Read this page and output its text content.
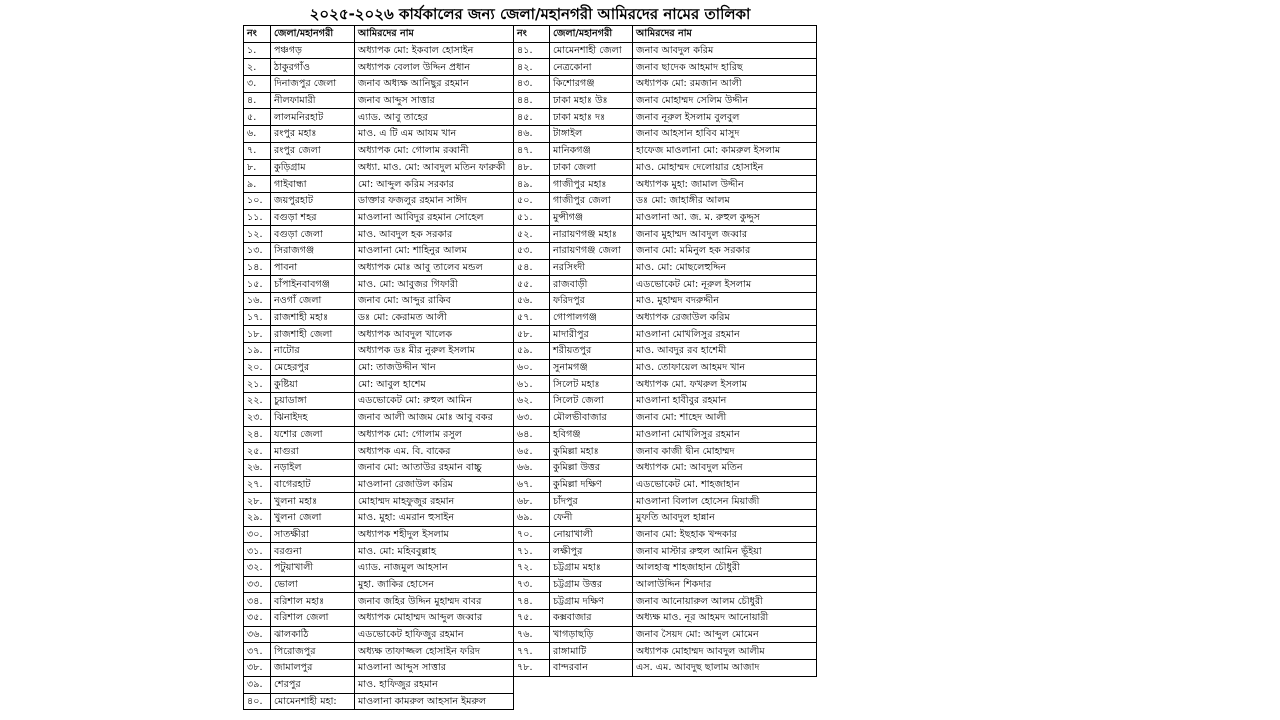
২০২৫-২০২৬ কার্যকালের জন্য জেলা/মহানগরী আমিরদের নামের তালিকা
নং	জেলা/মহানগরী	আমিরদের নাম
১.	পঞ্চগড়	অধ্যাপক মো: ইকবাল হোসাইন
২.	ঠাকুরগাঁও	অধ্যাপক বেলাল উদ্দিন প্রধান
৩.	দিনাজপুর জেলা	জনাব অধ্যক্ষ আনিছুর রহমান
৪.	নীলফামারী	জনাব আব্দুস সাত্তার
৫.	লালমনিরহাট	এ্যাড. আবু তাহের
৬.	রংপুর মহাঃ	মাও. এ টি এম আযম খান
৭.	রংপুর জেলা	অধ্যাপক মো: গোলাম রব্বানী
৮.	কুড়িগ্রাম	অধ্যা. মাও. মো: আবদুল মতিন ফারুকী
৯.	গাইবান্ধা	মো: আব্দুল করিম সরকার
১০.	জয়পুরহাট	ডাক্তার ফজলুর রহমান সাঈদ
১১.	বগুড়া শহর	মাওলানা আবিদুর রহমান সোহেল
১২.	বগুড়া জেলা	মাও. আবদুল হক সরকার
১৩.	সিরাজগঞ্জ	মাওলানা মো: শাহিনুর আলম
১৪.	পাবনা	অধ্যাপক মোঃ আবু তালেব মন্ডল
১৫.	চাঁপাইনবাবগঞ্জ	মাও. মো: আবুজর গিফারী
১৬.	নওগাঁ জেলা	জনাব মো: আব্দুর রাকিব
১৭.	রাজশাহী মহাঃ	ডঃ মো: কেরামত আলী
১৮.	রাজশাহী জেলা	অধ্যাপক আবদুল খালেক
১৯.	নাটোর	অধ্যাপক ডঃ মীর নুরুল ইসলাম
২০.	মেহেরপুর	মো: তাজউদ্দীন খান
২১.	কুষ্টিয়া	মো: আবুল হাশেম
২২.	চুয়াডাঙ্গা	এডভোকেট মো: রুহুল আমিন
২৩.	ঝিনাইদহ	জনাব আলী আজম মোঃ আবু বকর
২৪.	যশোর জেলা	অধ্যাপক মো: গোলাম রসুল
২৫.	মাগুরা	অধ্যাপক এম. বি. বাকের
২৬.	নড়াইল	জনাব মো: আতাউর রহমান বাচ্চু
২৭.	বাগেরহাট	মাওলানা রেজাউল করিম
২৮.	খুলনা মহাঃ	মোহাম্মদ মাহফুজুর রহমান
২৯.	খুলনা জেলা	মাও. মুহা: এমরান হুসাইন
৩০.	সাতক্ষীরা	অধ্যাপক শহীদুল ইসলাম
৩১.	বরগুনা	মাও. মো: মহিববুল্লাহ
৩২.	পটুয়াখালী	এ্যাড. নাজমুল আহসান
৩৩.	ভোলা	মুহা. জাকির হোসেন
৩৪.	বরিশাল মহাঃ	জনাব জহির উদ্দিন মুহাম্মদ বাবর
৩৫.	বরিশাল জেলা	অধ্যাপক মোহাম্মদ আব্দুল জব্বার
৩৬.	ঝালকাঠি	এডভোকেট হাফিজুর রহমান
৩৭.	পিরোজপুর	অধ্যক্ষ তাফাজ্জল হোসাইন ফরিদ
৩৮.	জামালপুর	মাওলানা আব্দুস সাত্তার
৩৯.	শেরপুর	মাও. হাফিজুর রহমান
৪০.	মোমেনশাহী মহা:	মাওলানা কামরুল আহসান ইমরুল
নং	জেলা/মহানগরী	আমিরদের নাম
৪১.	মোমেনশাহী জেলা	জনাব আবদুল করিম
৪২.	নেত্রকোনা	জনাব ছাদেক আহমাদ হারিছ
৪৩.	কিশোরগঞ্জ	অধ্যাপক মো: রমজান আলী
৪৪.	ঢাকা মহাঃ উঃ	জনাব মোহাম্মদ সেলিম উদ্দীন
৪৫.	ঢাকা মহাঃ দঃ	জনাব নূরুল ইসলাম বুলবুল
৪৬.	টাঙ্গাইল	জনাব আহসান হাবিব মাসুদ
৪৭.	মানিকগঞ্জ	হাফেজ মাওলানা মো: কামরুল ইসলাম
৪৮.	ঢাকা জেলা	মাও. মোহাম্মদ দেলোয়ার হোসাইন
৪৯.	গাজীপুর মহাঃ	অধ্যাপক মুহা: জামাল উদ্দীন
৫০.	গাজীপুর জেলা	ডঃ মো: জাহাঙ্গীর আলম
৫১.	মুন্সীগঞ্জ	মাওলানা আ. জ. ম. রুহুল কুদ্দুস
৫২.	নারায়ণগঞ্জ মহাঃ	জনাব মুহাম্মদ আবদুল জব্বার
৫৩.	নারায়ণগঞ্জ জেলা	জনাব মো: মমিনুল হক সরকার
৫৪.	নরসিংদী	মাও. মো: মোছলেহুদ্দিন
৫৫.	রাজবাড়ী	এডভোকেট মো: নূরুল ইসলাম
৫৬.	ফরিদপুর	মাও. মুহাম্মদ বদরুদ্দীন
৫৭.	গোপালগঞ্জ	অধ্যাপক রেজাউল করিম
৫৮.	মাদারীপুর	মাওলানা মোখলিসুর রহমান
৫৯.	শরীয়তপুর	মাও. আবদুর রব হাশেমী
৬০.	সুনামগঞ্জ	মাও. তোফায়েল আহমদ খান
৬১.	সিলেট মহাঃ	অধ্যাপক মো. ফখরুল ইসলাম
৬২.	সিলেট জেলা	মাওলানা হাবীবুর রহমান
৬৩.	মৌলভীবাজার	জনাব মো: শাহেদ আলী
৬৪.	হবিগঞ্জ	মাওলানা মোখলিসুর রহমান
৬৫.	কুমিল্লা মহাঃ	জনাব কাজী দ্বীন মোহাম্মদ
৬৬.	কুমিল্লা উত্তর	অধ্যাপক মো: আবদুল মতিন
৬৭.	কুমিল্লা দক্ষিণ	এডভোকেট মো. শাহজাহান
৬৮.	চাঁদপুর	মাওলানা বিলাল হোসেন মিয়াজী
৬৯.	ফেনী	মুফতি আবদুল হান্নান
৭০.	নোয়াখালী	জনাব মো: ইছহাক খন্দকার
৭১.	লক্ষীপুর	জনাব মাস্টার রুহুল আমিন ভূঁইয়া
৭২.	চট্টগ্রাম মহাঃ	আলহাজ্ব শাহজাহান চৌধুরী
৭৩.	চট্টগ্রাম উত্তর	আলাউদ্দিন শিকদার
৭৪.	চট্টগ্রাম দক্ষিণ	জনাব আনোয়ারুল আলম চৌধুরী
৭৫.	কক্সবাজার	অধ্যক্ষ মাও. নূর আহমদ আনোয়ারী
৭৬.	খাগড়াছড়ি	জনাব সৈয়দ মো: আব্দুল মোমেন
৭৭.	রাঙ্গামাটি	অধ্যাপক মোহাম্মদ আবদুল আলীম
৭৮.	বান্দরবান	এস. এম. আবদুছ ছালাম আজাদ
